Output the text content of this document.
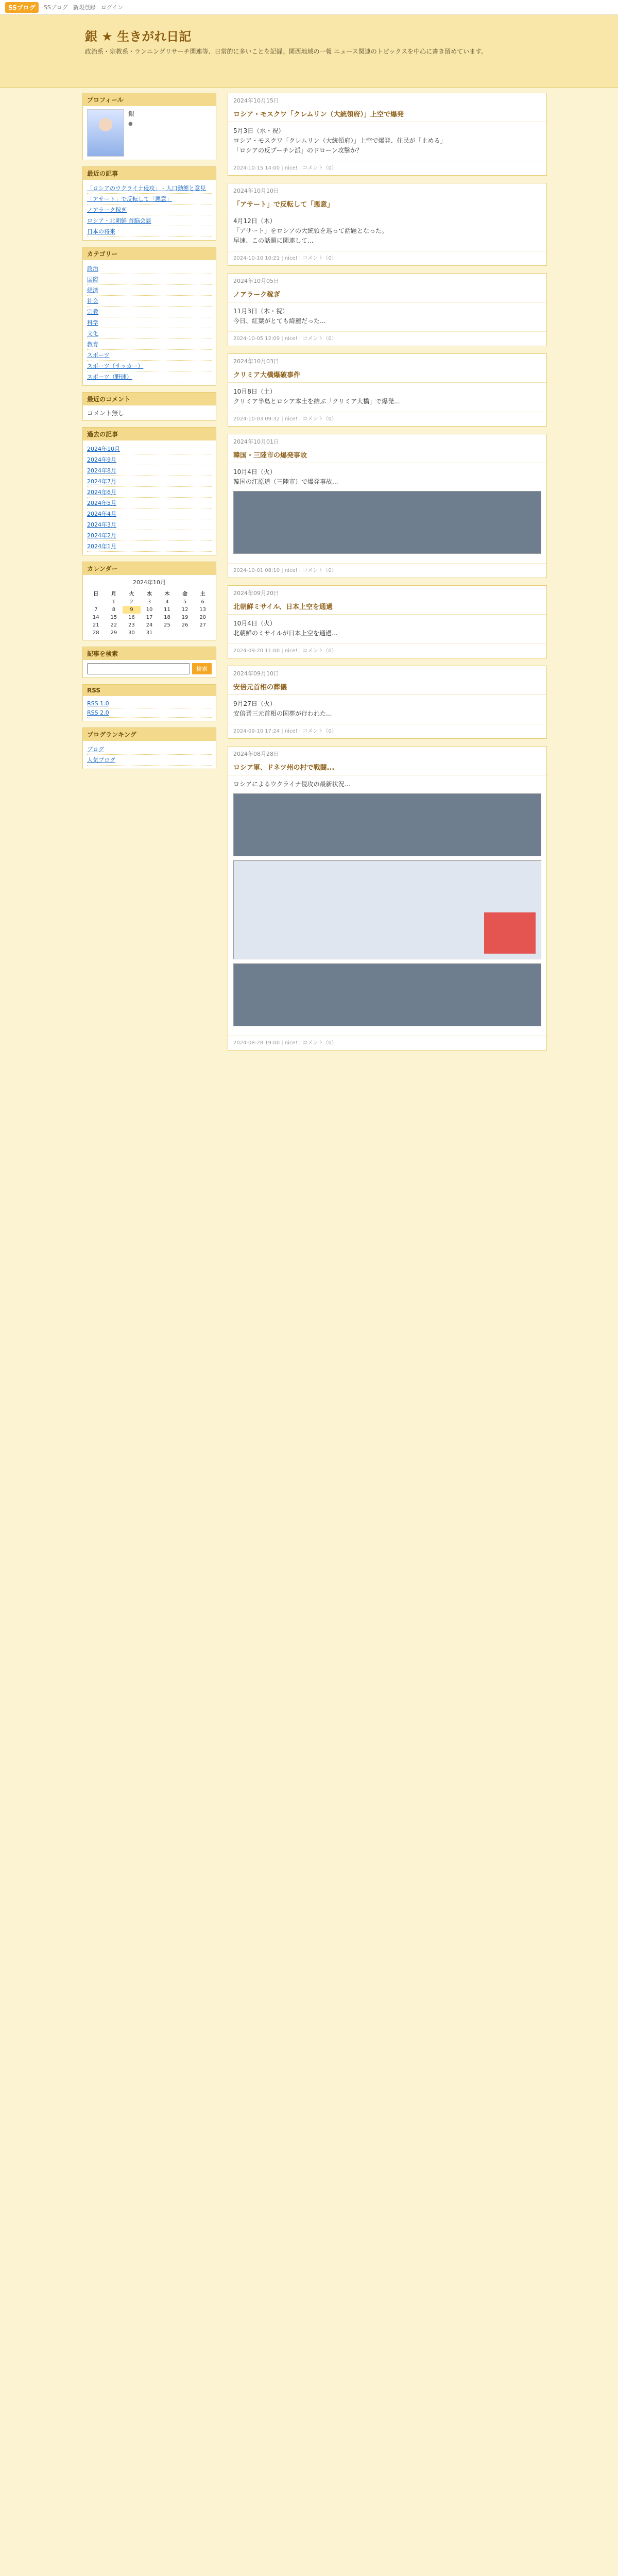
SSブログ	SSブログ 新規登録 ログイン
銀 ★ 生きがれ日記
政治系・宗教系・ランニングリサーチ関連等、日常的に多いことを記録。関西地域の一報 ニュース関連のトピックスを中心に書き留めています。
プロフィール
銀
●
最近の記事
「ロシアのウクライナ侵攻」 - 人口動態と意見
「アサート」で反転して「悪意」
ノアラーク稼ぎ
ロシア・北朝鮮 首脳会談
日本の将来
カテゴリー
政治
国際
経済
社会
宗教
科学
文化
教育
スポーツ
スポーツ（サッカー）
スポーツ（野球）
最近のコメント
コメント無し
過去の記事
2024年10月
2024年9月
2024年8月
2024年7月
2024年6月
2024年5月
2024年4月
2024年3月
2024年2月
2024年1月
カレンダー
2024年10月
日	月	火	水	木	金	土
	1	2	3	4	5	6
7	8	9	10	11	12	13
14	15	16	17	18	19	20
21	22	23	24	25	26	27
28	29	30	31			
記事を検索
検索
RSS
RSS 1.0
RSS 2.0
ブログランキング
ブログ
人気ブログ
2024年10月15日
ロシア・モスクワ「クレムリン（大統領府）」上空で爆発
5月3日（水・祝）
ロシア・モスクワ「クレムリン（大統領府）」上空で爆発、住民が「止める」
「ロシアの反プーチン派」のドローン攻撃か？
2024-10-15 14:00 | nice! | コメント（0）
2024年10月10日
「アサート」で反転して「悪意」
4月12日（木）
「アサート」をロシアの大統領を巡って話題となった。
早速、この話題に関連して...
2024-10-10 10:21 | nice! | コメント（0）
2024年10月05日
ノアラーク稼ぎ
11月3日（木・祝）
今日、紅葉がとても綺麗だった...
2024-10-05 12:09 | nice! | コメント（0）
2024年10月03日
クリミア大橋爆破事件
10月8日（土）
クリミア半島とロシア本土を結ぶ「クリミア大橋」で爆発...
2024-10-03 09:32 | nice! | コメント（0）
2024年10月01日
韓国・三陸市の爆発事故
10月4日（火）
韓国の江原道（三陸市）で爆発事故...
2024-10-01 08:10 | nice! | コメント（0）
2024年09月20日
北朝鮮ミサイル、日本上空を通過
10月4日（火）
北朝鮮のミサイルが日本上空を通過...
2024-09-20 11:00 | nice! | コメント（0）
2024年09月10日
安倍元首相の葬儀
9月27日（火）
安倍晋三元首相の国葬が行われた...
2024-09-10 17:24 | nice! | コメント（0）
2024年08月28日
ロシア軍、ドネツ州の村で戦闘...
ロシアによるウクライナ侵攻の最新状況...
2024-08-28 19:00 | nice! | コメント（0）
